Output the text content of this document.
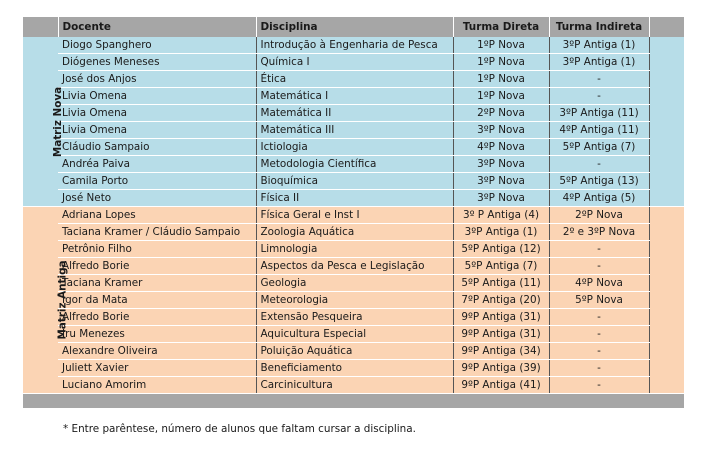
	Docente	Disciplina	Turma Direta	Turma Indireta	
Matriz Nova	Diogo Spanghero	Introdução à Engenharia de Pesca	1ºP Nova	3ºP Antiga (1)	
	Diógenes Meneses	Química I	1ºP Nova	3ºP Antiga (1)	
	José dos Anjos	Ética	1ºP Nova	-	
	Livia Omena	Matemática I	1ºP Nova	-	
	Livia Omena	Matemática II	2ºP Nova	3ºP Antiga (11)	
	Livia Omena	Matemática III	3ºP Nova	4ºP Antiga (11)	
	Cláudio Sampaio	Ictiologia	4ºP Nova	5ºP Antiga (7)	
	Andréa Paiva	Metodologia Científica	3ºP Nova	-	
	Camila Porto	Bioquímica	3ºP Nova	5ºP Antiga (13)	
	José Neto	Física II	3ºP Nova	4ºP Antiga (5)	
Matriz Antiga	Adriana Lopes	Física Geral e Inst I	3º P Antiga (4)	2ºP Nova	
	Taciana Kramer / Cláudio Sampaio	Zoologia Aquática	3ºP Antiga (1)	2º e 3ºP Nova	
	Petrônio Filho	Limnologia	5ºP Antiga (12)	-	
	Alfredo Borie	Aspectos da Pesca e Legislação	5ºP Antiga (7)	-	
	Taciana Kramer	Geologia	5ºP Antiga (11)	4ºP Nova	
	Igor da Mata	Meteorologia	7ºP Antiga (20)	5ºP Nova	
	Alfredo Borie	Extensão Pesqueira	9ºP Antiga (31)	-	
	Iru Menezes	Aquicultura Especial	9ºP Antiga (31)	-	
	Alexandre Oliveira	Poluição Aquática	9ºP Antiga (34)	-	
	Juliett Xavier	Beneficiamento	9ºP Antiga (39)	-	
	Luciano Amorim	Carcinicultura	9ºP Antiga (41)	-	
* Entre parêntese, número de alunos que faltam cursar a disciplina.
